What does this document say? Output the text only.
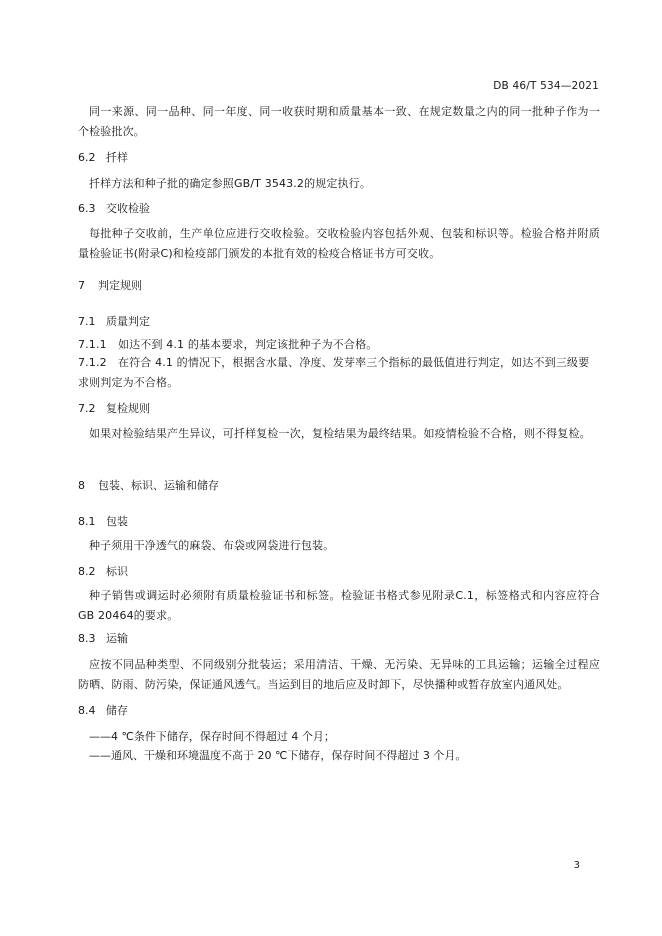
DB 46/T 534—2021
同一来源、同一品种、同一年度、同一收获时期和质量基本一致、在规定数量之内的同一批种子作为一个检验批次。
6.2 扦样
扦样方法和种子批的确定参照GB/T 3543.2的规定执行。
6.3 交收检验
每批种子交收前，生产单位应进行交收检验。交收检验内容包括外观、包装和标识等。检验合格并附质量检验证书(附录C)和检疫部门颁发的本批有效的检疫合格证书方可交收。
7 判定规则
7.1 质量判定
7.1.1 如达不到 4.1 的基本要求，判定该批种子为不合格。
7.1.2 在符合 4.1 的情况下，根据含水量、净度、发芽率三个指标的最低值进行判定，如达不到三级要求则判定为不合格。
7.2 复检规则
如果对检验结果产生异议，可扦样复检一次，复检结果为最终结果。如疫情检验不合格，则不得复检。
8 包装、标识、运输和储存
8.1 包装
种子须用干净透气的麻袋、布袋或网袋进行包装。
8.2 标识
种子销售或调运时必须附有质量检验证书和标签。检验证书格式参见附录C.1，标签格式和内容应符合GB 20464的要求。
8.3 运输
应按不同品种类型、不同级别分批装运；采用清洁、干燥、无污染、无异味的工具运输；运输全过程应防晒、防雨、防污染，保证通风透气。当运到目的地后应及时卸下，尽快播种或暂存放室内通风处。
8.4 储存
——4 ℃条件下储存，保存时间不得超过 4 个月；
——通风、干燥和环境温度不高于 20 ℃下储存，保存时间不得超过 3 个月。
3
